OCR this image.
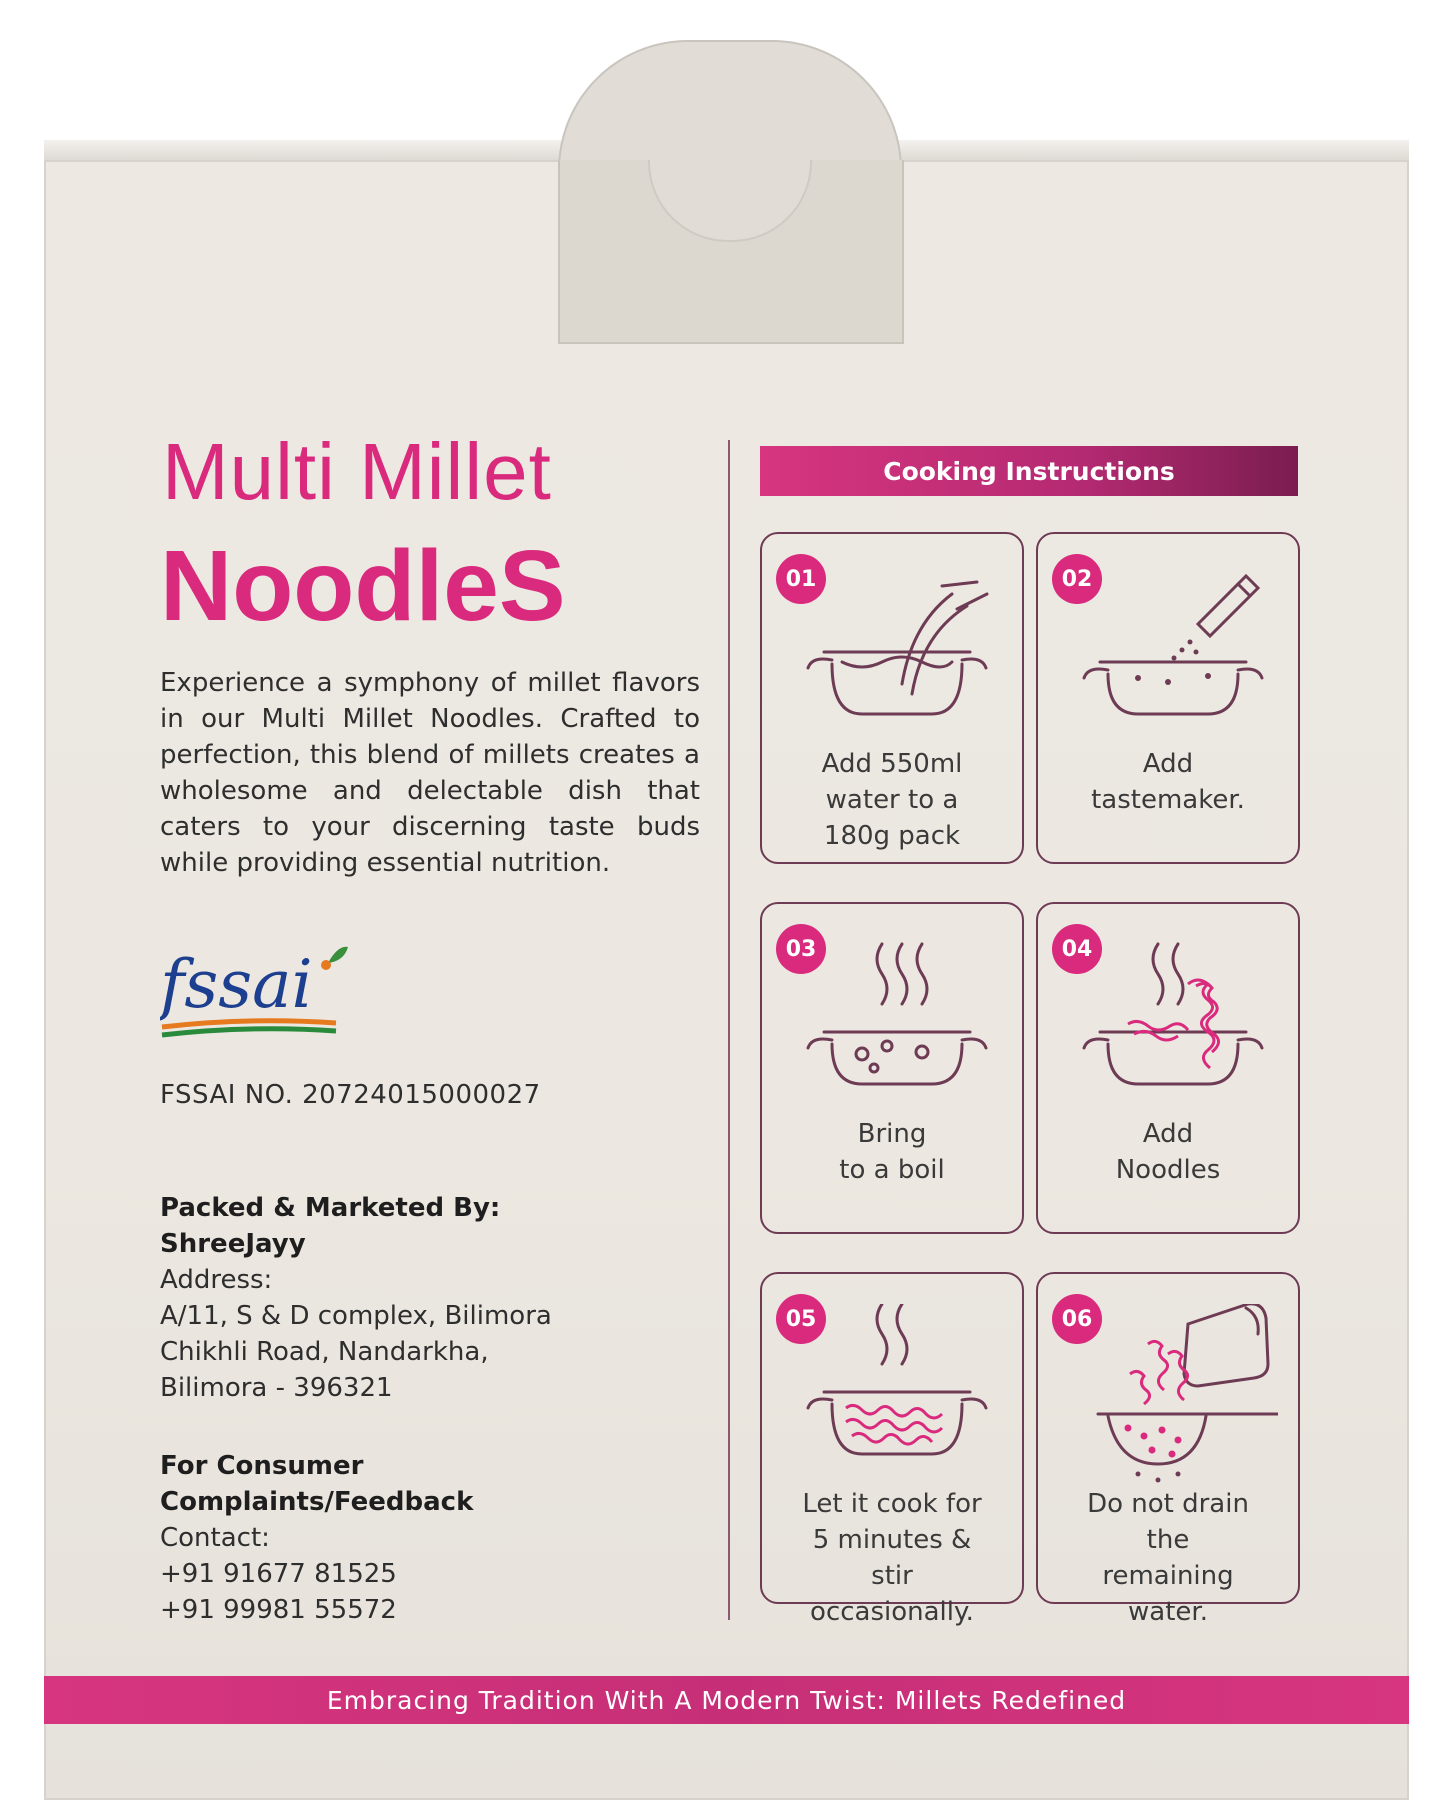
Multi Millet
NoodleS

Experience a symphony of millet flavors in our Multi Millet Noodles. Crafted to perfection, this blend of millets creates a wholesome and delectable dish that caters to your discerning taste buds while providing essential nutrition.

fssai
FSSAI NO. 20724015000027
Packed & Marketed By:
ShreeJayy
Address:
A/11, S & D complex, Bilimora
Chikhli Road, Nandarkha,
Bilimora - 396321
For Consumer
Complaints/Feedback
Contact:
+91 91677 81525
+91 99981 55572
Cooking Instructions
01
Add 550ml
water to a
180g pack
02
Add
tastemaker.
03
Bring
to a boil
04
Add
Noodles
05
Let it cook for
5 minutes &
stir
occasionally.
06
Do not drain
the
remaining
water.
Embracing Tradition With A Modern Twist: Millets Redefined
